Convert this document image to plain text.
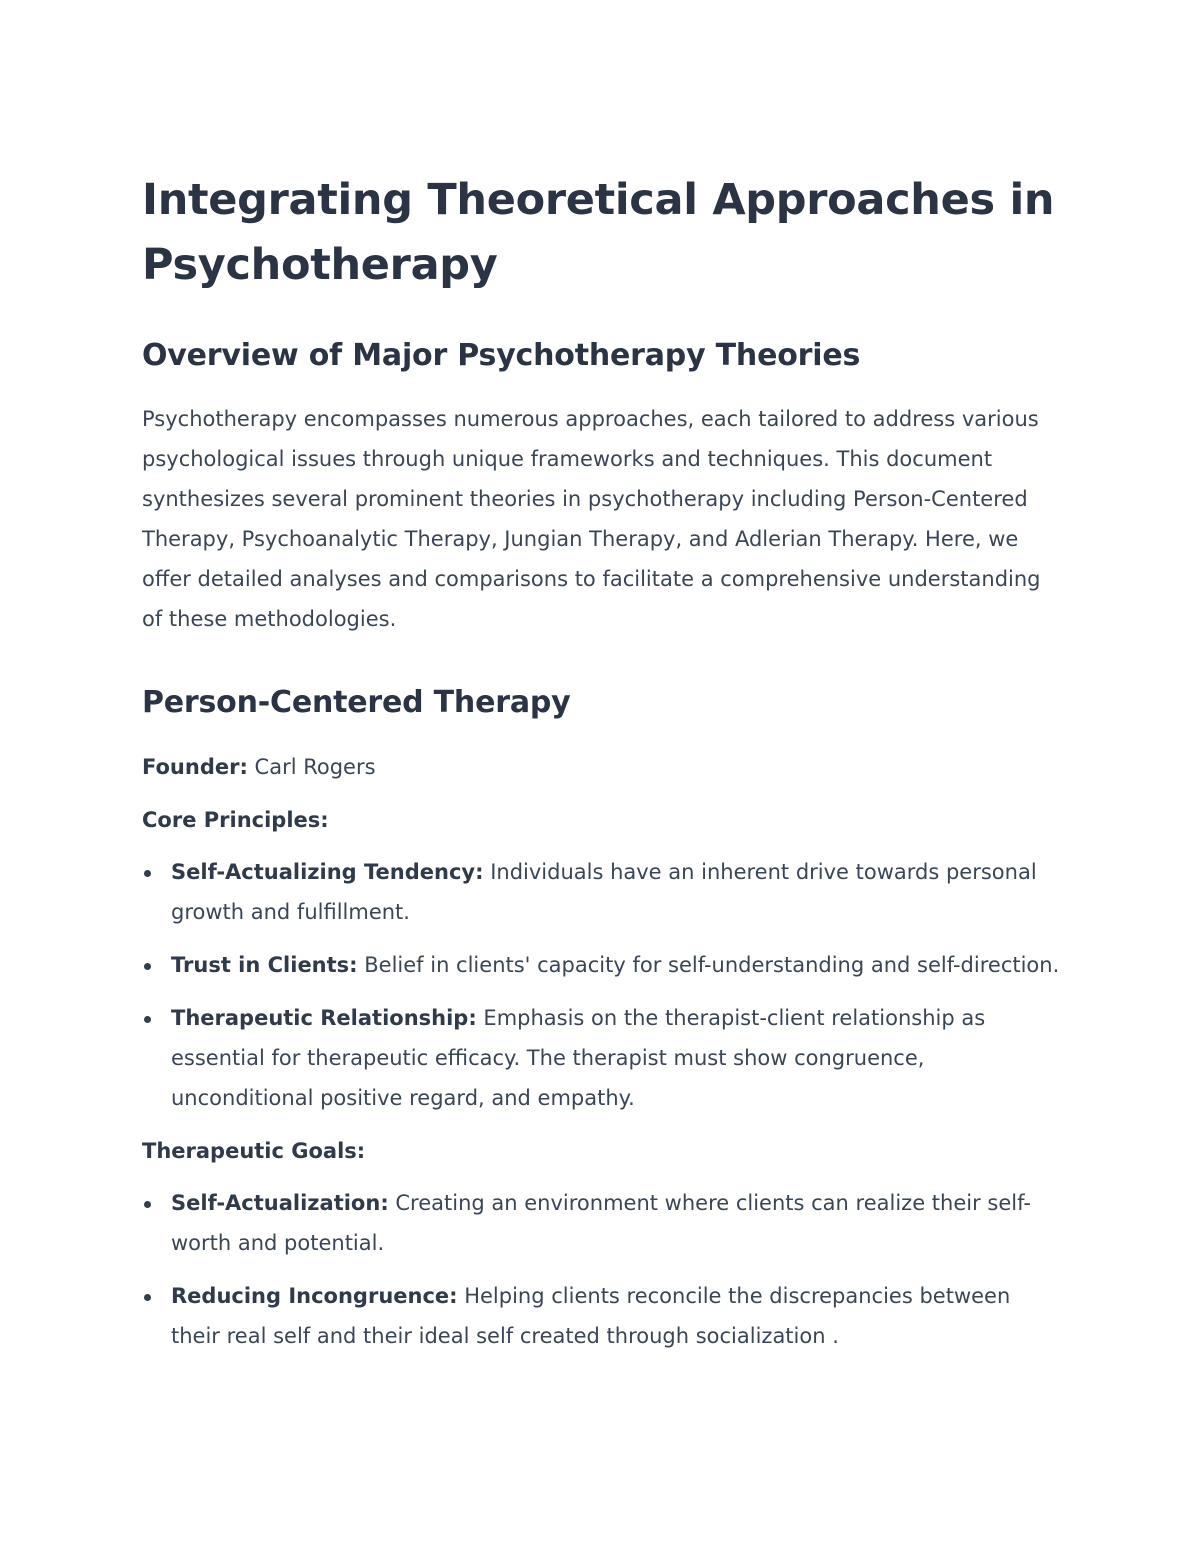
Integrating Theoretical Approaches in Psychotherapy
Overview of Major Psychotherapy Theories

Psychotherapy encompasses numerous approaches, each tailored to address various psychological issues through unique frameworks and techniques. This document synthesizes several prominent theories in psychotherapy including Person-Centered Therapy, Psychoanalytic Therapy, Jungian Therapy, and Adlerian Therapy. Here, we offer detailed analyses and comparisons to facilitate a comprehensive understanding of these methodologies.

Person-Centered Therapy

Founder: Carl Rogers

Core Principles:

Self-Actualizing Tendency: Individuals have an inherent drive towards personal growth and fulfillment.
Trust in Clients: Belief in clients' capacity for self-understanding and self-direction.
Therapeutic Relationship: Emphasis on the therapist-client relationship as essential for therapeutic efficacy. The therapist must show congruence, unconditional positive regard, and empathy.

Therapeutic Goals:

Self-Actualization: Creating an environment where clients can realize their self-worth and potential.
Reducing Incongruence: Helping clients reconcile the discrepancies between their real self and their ideal self created through socialization .
